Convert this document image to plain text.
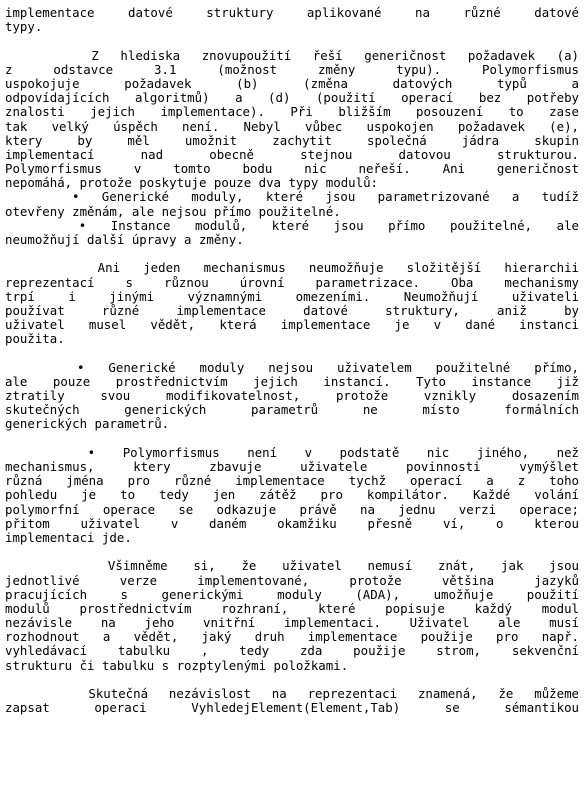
implementace datové struktury aplikované na různé datové
typy.
Z hlediska znovupoužití řeší generičnost požadavek (a)
z odstavce 3.1 (možnost změny typu). Polymorfismus
uspokojuje požadavek (b) (změna datových typů a
odpovídajících algoritmů) a (d) (použití operací bez potřeby
znalosti jejich implementace). Při bližším posouzení to zase
tak velký úspěch není. Nebyl vůbec uspokojen požadavek (e),
ktery by měl umožnit zachytit společná jádra skupin
implementací nad obecně stejnou datovou strukturou.
Polymorfismus v tomto bodu nic neřeší. Ani generičnost
nepomáhá, protože poskytuje pouze dva typy modulů:
• Generické moduly, které jsou parametrizované a tudíž
otevřeny změnám, ale nejsou přímo použitelné.
• Instance modulů, které jsou přímo použitelné, ale
neumožňují další úpravy a změny.
Ani jeden mechanismus neumožňuje složitější hierarchii
reprezentací s různou úrovní parametrizace. Oba mechanismy
trpí i jinými významnými omezeními. Neumožňují uživateli
používat různé implementace datové struktury, aniž by
uživatel musel vědět, která implementace je v dané instanci
použita.
• Generické moduly nejsou uživatelem použitelné přímo,
ale pouze prostřednictvím jejich instancí. Tyto instance již
ztratily svou modifikovatelnost, protože vznikly dosazením
skutečných generických parametrů ne místo formálních
generických parametrů.
• Polymorfismus není v podstatě nic jiného, než
mechanismus, ktery zbavuje uživatele povinnosti vymýšlet
různá jména pro různé implementace tychž operací a z toho
pohledu je to tedy jen zátěž pro kompilátor. Každé volání
polymorfní operace se odkazuje právě na jednu verzi operace;
přitom uživatel v daném okamžiku přesně ví, o kterou
implementaci jde.
Všimněme si, že uživatel nemusí znát, jak jsou
jednotlivé verze implementované, protože většina jazyků
pracujících s generickými moduly (ADA), umožňuje použití
modulů prostřednictvím rozhraní, které popisuje každý modul
nezávisle na jeho vnitřní implementaci. Uživatel ale musí
rozhodnout a vědět, jaký druh implementace použije pro např.
vyhledávací tabulku , tedy zda použije strom, sekvenční
strukturu či tabulku s rozptylenými položkami.
Skutečná nezávislost na reprezentaci znamená, že můžeme
zapsat operaci VyhledejElement(Element,Tab) se sémantikou
